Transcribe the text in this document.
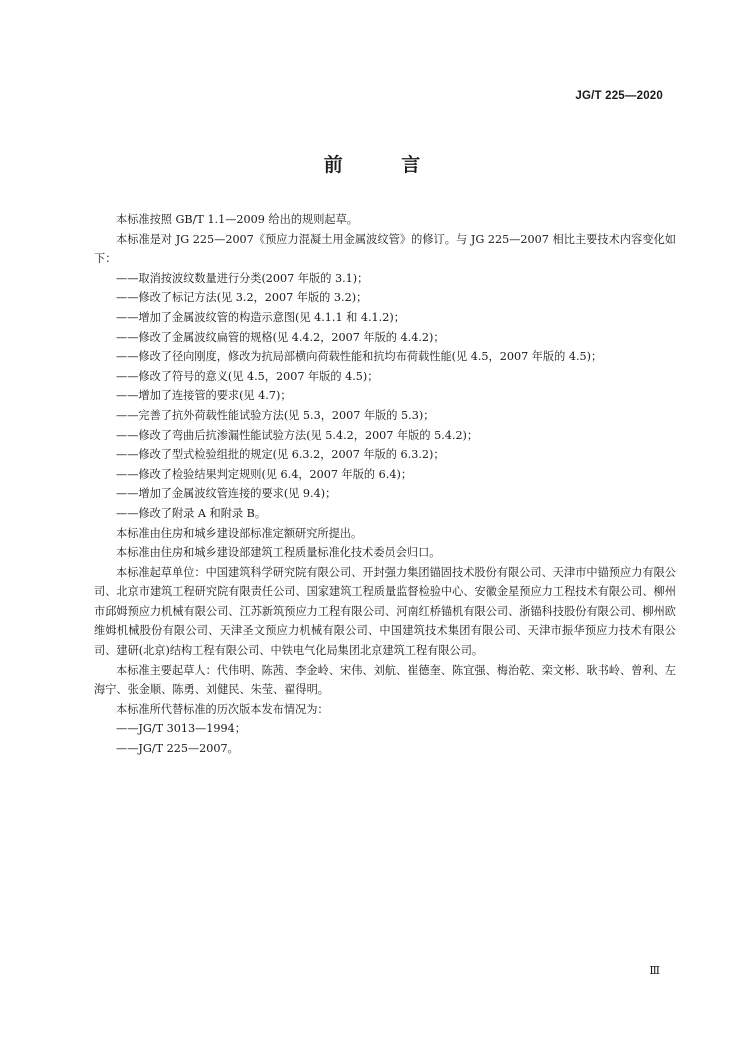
JG/T 225—2020
前 言

本标准按照 GB/T 1.1—2009 给出的规则起草。

本标准是对 JG 225—2007《预应力混凝土用金属波纹管》的修订。与 JG 225—2007 相比主要技术内容变化如下：

——取消按波纹数量进行分类(2007 年版的 3.1)；

——修改了标记方法(见 3.2，2007 年版的 3.2)；

——增加了金属波纹管的构造示意图(见 4.1.1 和 4.1.2)；

——修改了金属波纹扁管的规格(见 4.4.2，2007 年版的 4.4.2)；

——修改了径向刚度，修改为抗局部横向荷载性能和抗均布荷载性能(见 4.5，2007 年版的 4.5)；

——修改了符号的意义(见 4.5，2007 年版的 4.5)；

——增加了连接管的要求(见 4.7)；

——完善了抗外荷载性能试验方法(见 5.3，2007 年版的 5.3)；

——修改了弯曲后抗渗漏性能试验方法(见 5.4.2，2007 年版的 5.4.2)；

——修改了型式检验组批的规定(见 6.3.2，2007 年版的 6.3.2)；

——修改了检验结果判定规则(见 6.4，2007 年版的 6.4)；

——增加了金属波纹管连接的要求(见 9.4)；

——修改了附录 A 和附录 B。

本标准由住房和城乡建设部标准定额研究所提出。

本标准由住房和城乡建设部建筑工程质量标准化技术委员会归口。

本标准起草单位：中国建筑科学研究院有限公司、开封强力集团锚固技术股份有限公司、天津市中锚预应力有限公司、北京市建筑工程研究院有限责任公司、国家建筑工程质量监督检验中心、安徽金星预应力工程技术有限公司、柳州市邱姆预应力机械有限公司、江苏新筑预应力工程有限公司、河南红桥锚机有限公司、浙锚科技股份有限公司、柳州欧维姆机械股份有限公司、天津圣文预应力机械有限公司、中国建筑技术集团有限公司、天津市振华预应力技术有限公司、建研(北京)结构工程有限公司、中铁电气化局集团北京建筑工程有限公司。

本标准主要起草人：代伟明、陈茜、李金岭、宋伟、刘航、崔德奎、陈宜强、梅治乾、栾文彬、耿书岭、曾利、左海宁、张金顺、陈勇、刘健民、朱莹、翟得明。

本标准所代替标准的历次版本发布情况为：

——JG/T 3013—1994；

——JG/T 225—2007。

Ⅲ
